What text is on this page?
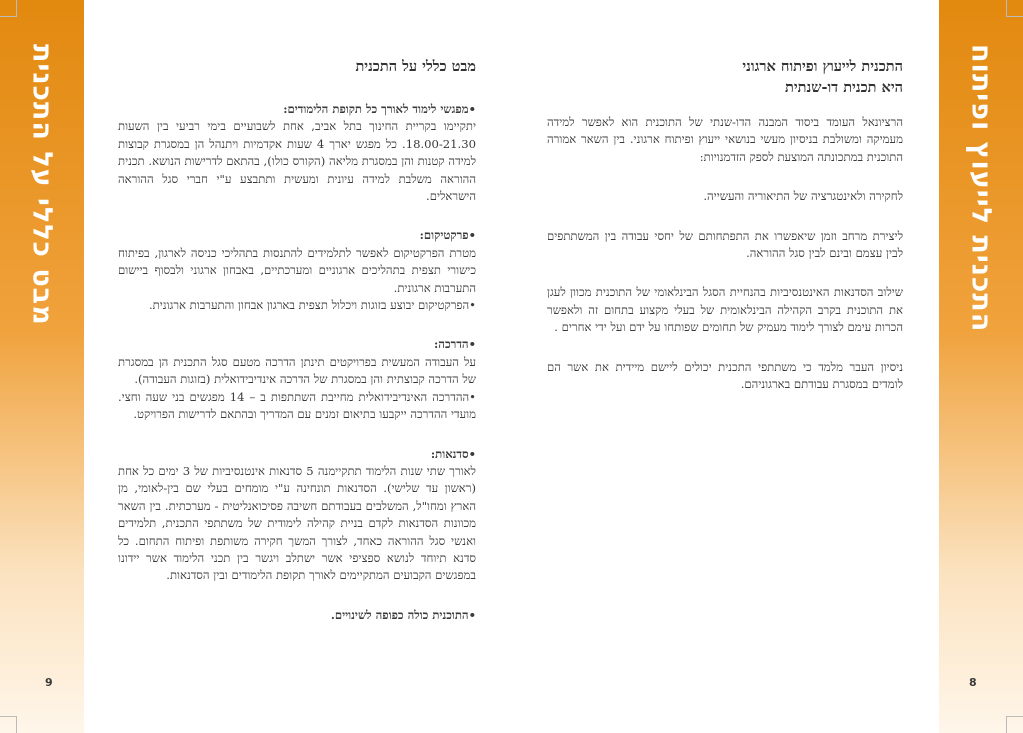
מבט כללי על התכנית
9
התכנית לייעוץ ופיתוח
8
מבט כללי על התכנית
•מפגשי לימוד לאורך כל תקופת הלימודים:
יתקיימו בקריית החינוך בתל אביב, אחת לשבועיים בימי רביעי בין השעות 18.00-21.30. כל מפגש יארך 4 שעות אקדמיות ויתנהל הן במסגרת קבוצות למידה קטנות והן במסגרת מליאה (הקורס כולו), בהתאם לדרישות הנושא. תכנית ההוראה משלבת למידה עיונית ומעשית ותתבצע ע"י חברי סגל ההוראה הישראלים.
•פרקטיקום:
מטרת הפרקטיקום לאפשר לתלמידים להתנסות בתהליכי כניסה לארגון, בפיתוח כישורי תצפית בתהליכים ארגוניים ומערכתיים, באבחון ארגוני ולבסוף ביישום התערבות ארגונית.
•הפרקטיקום יבוצע בזוגות ויכלול תצפית בארגון אבחון והתערבות ארגונית.
•הדרכה:
על העבודה המעשית בפרויקטים תינתן הדרכה מטעם סגל התכנית הן במסגרת של הדרכה קבוצתית והן במסגרת של הדרכה אינדיבידואלית (בזוגות העבודה).
•ההדרכה האינדיבידואלית מחייבת השתתפות ב – 14 מפגשים בני שעה וחצי. מועדי ההדרכה ייקבעו בתיאום זמנים עם המדריך ובהתאם לדרישות הפרויקט.
•סדנאות:
לאורך שתי שנות הלימוד תתקיימנה 5 סדנאות אינטנסיביות של 3 ימים כל אחת (ראשון עד שלישי). הסדנאות תונחינה ע"י מומחים בעלי שם בין-לאומי, מן הארץ ומחו"ל, המשלבים בעבודתם חשיבה פסיכואנליטית - מערכתית. בין השאר מכוונות הסדנאות לקדם בניית קהילה לימודית של משתתפי התכנית, תלמידים ואנשי סגל ההוראה כאחד, לצורך המשך חקירה משותפת ופיתוח התחום. כל סדנא תיוחד לנושא ספציפי אשר ישתלב ויגשר בין תכני הלימוד אשר יידונו במפגשים הקבועים המתקיימים לאורך תקופת הלימודים ובין הסדנאות.
•התוכנית כולה כפופה לשינויים.
התכנית לייעוץ ופיתוח ארגוני
היא תכנית דו-שנתית

הרציונאל העומד ביסוד המבנה הדו-שנתי של התוכנית הוא לאפשר למידה מעמיקה ומשולבת בניסיון מעשי בנושאי ייעוץ ופיתוח ארגוני. בין השאר אמורה התוכנית במתכונתה המוצעת לספק הזדמנויות:

לחקירה ולאינטגרציה של התיאוריה והעשייה.

ליצירת מרחב וזמן שיאפשרו את התפתחותם של יחסי עבודה בין המשתתפים לבין עצמם ובינם לבין סגל ההוראה.

שילוב הסדנאות האינטנסיביות בהנחיית הסגל הבינלאומי של התוכנית מכוון לעגן את התוכנית בקרב הקהילה הבינלאומית של בעלי מקצוע בתחום זה ולאפשר הכרות עימם לצורך לימוד מעמיק של תחומים שפותחו על ידם ועל ידי אחרים .

ניסיון העבר מלמד כי משתתפי התכנית יכולים ליישם מיידית את אשר הם לומדים במסגרת עבודתם בארגוניהם.
